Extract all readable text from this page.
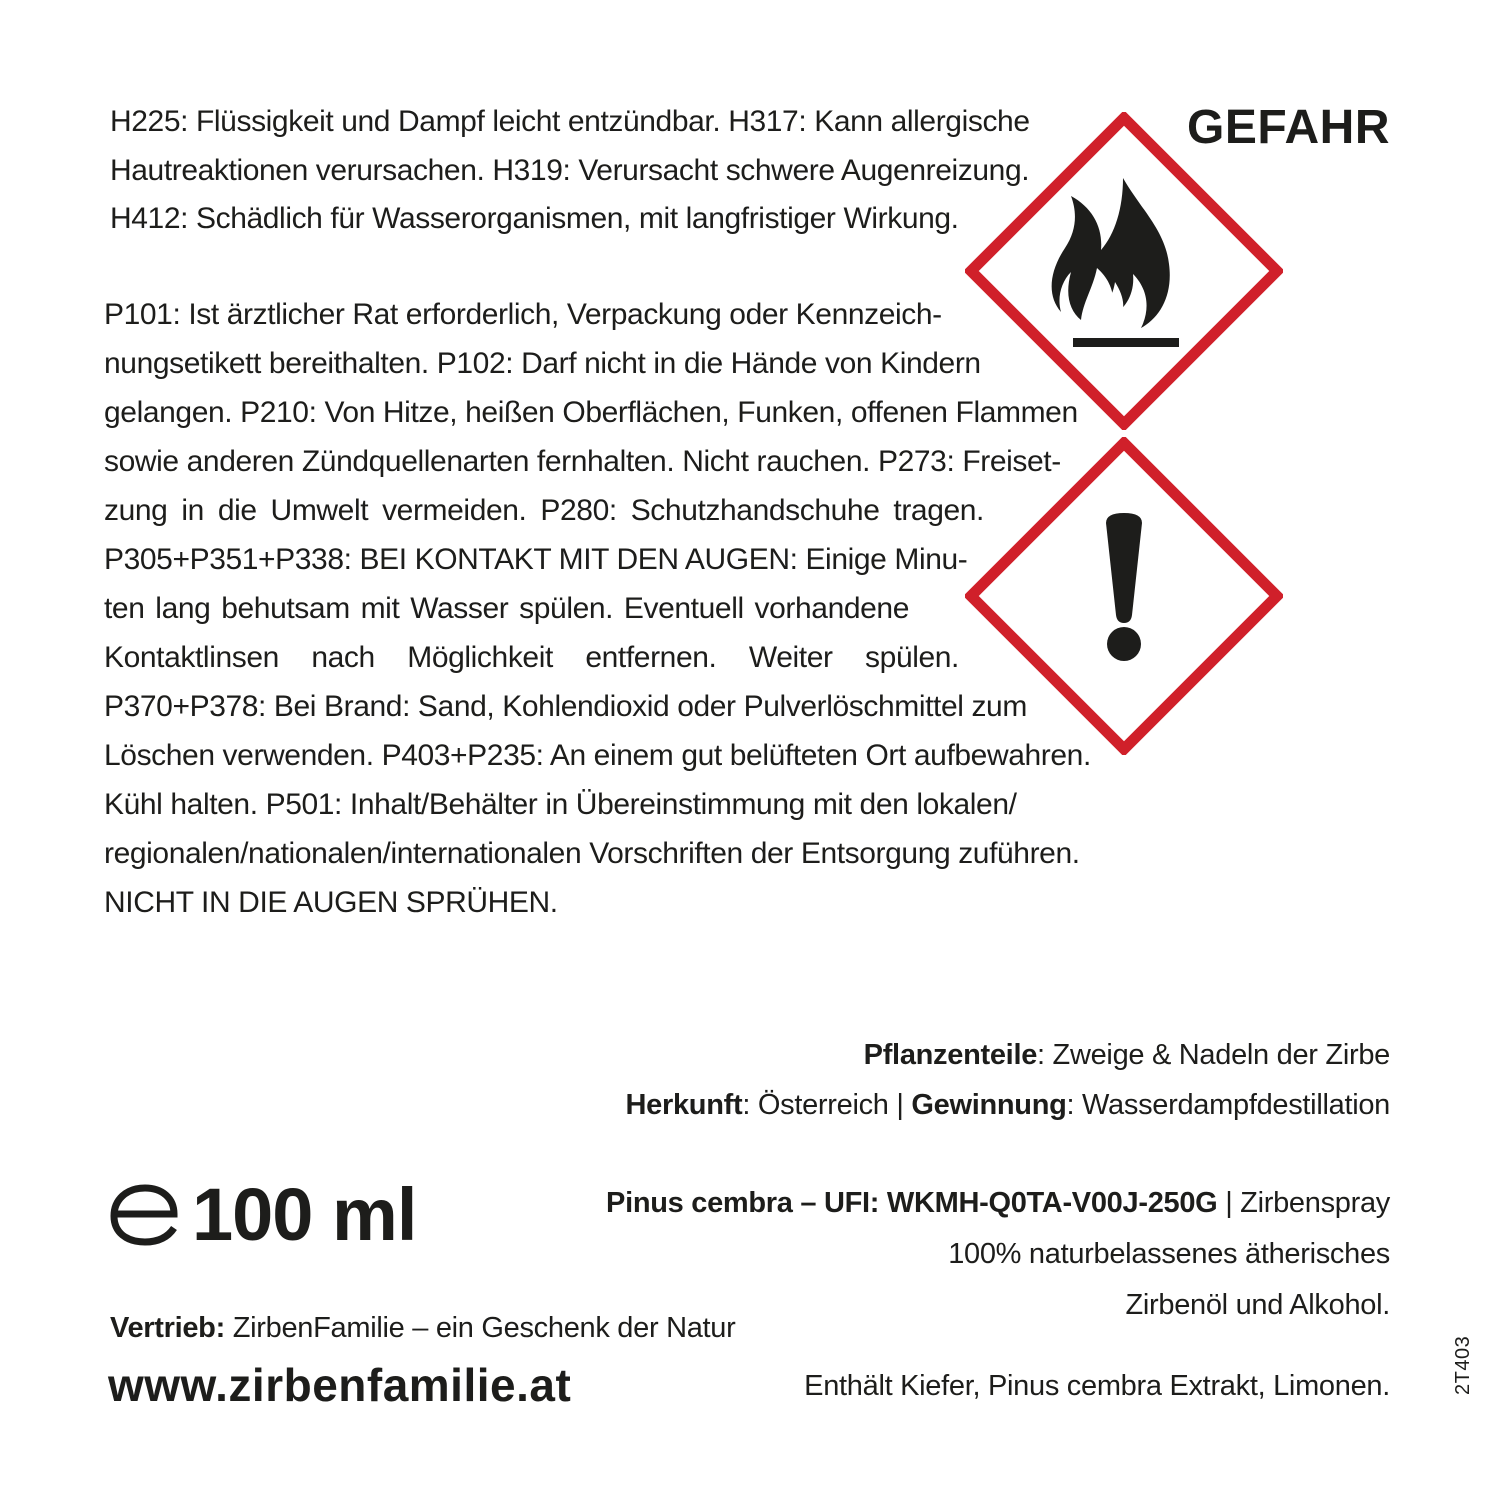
H225: Flüssigkeit und Dampf leicht entzündbar. H317: Kann allergische
Hautreaktionen verursachen. H319: Verursacht schwere Augenreizung.
H412: Schädlich für Wasserorganismen, mit langfristiger Wirkung.
P101: Ist ärztlicher Rat erforderlich, Verpackung oder Kennzeich-
nungsetikett bereithalten. P102: Darf nicht in die Hände von Kindern
gelangen. P210: Von Hitze, heißen Oberflächen, Funken, offenen Flammen
sowie anderen Zündquellenarten fernhalten. Nicht rauchen. P273: Freiset-
zung in die Umwelt vermeiden. P280: Schutzhandschuhe tragen.
P305+P351+P338: BEI KONTAKT MIT DEN AUGEN: Einige Minu-
ten lang behutsam mit Wasser spülen. Eventuell vorhandene
Kontaktlinsen nach Möglichkeit entfernen. Weiter spülen.
P370+P378: Bei Brand: Sand, Kohlendioxid oder Pulverlöschmittel zum
Löschen verwenden. P403+P235: An einem gut belüfteten Ort aufbewahren.
Kühl halten. P501: Inhalt/Behälter in Übereinstimmung mit den lokalen/
regionalen/nationalen/internationalen Vorschriften der Entsorgung zuführen.
NICHT IN DIE AUGEN SPRÜHEN.
GEFAHR
Pflanzenteile: Zweige & Nadeln der Zirbe
Herkunft: Österreich | Gewinnung: Wasserdampfdestillation
100 ml	Pinus cembra – UFI: WKMH-Q0TA-V00J-250G | Zirbenspray
100% naturbelassenes ätherisches
Zirbenöl und Alkohol.
Enthält Kiefer, Pinus cembra Extrakt, Limonen.
Vertrieb: ZirbenFamilie – ein Geschenk der Natur
www.zirbenfamilie.at	2T403
